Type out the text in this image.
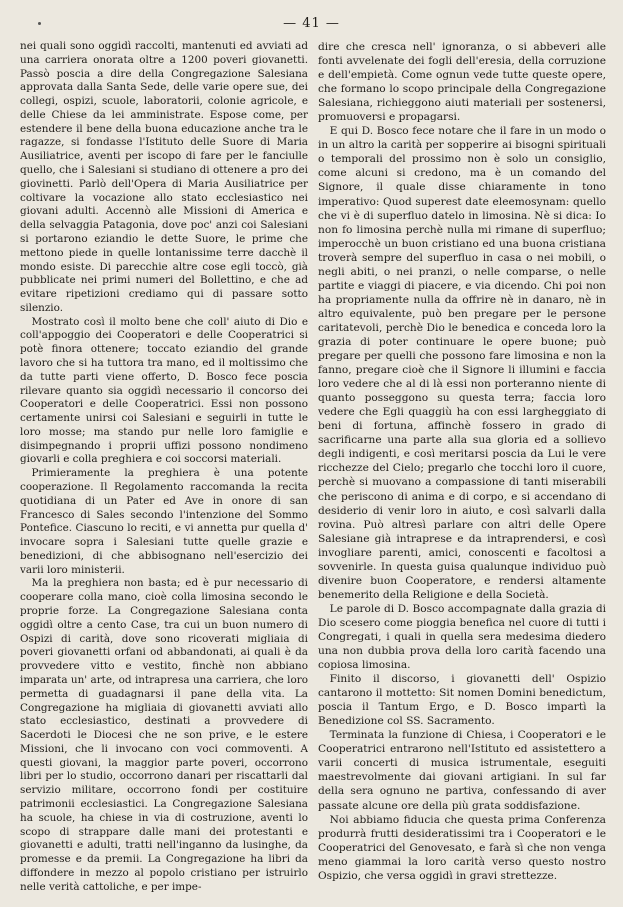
— 41 —

nei quali sono oggidì raccolti, mantenuti ed avviati ad una carriera onorata oltre a 1200 poveri giovanetti. Passò poscia a dire della Congregazione Salesiana approvata dalla Santa Sede, delle varie opere sue, dei collegi, ospizi, scuole, laboratorii, colonie agricole, e delle Chiese da lei amministrate. Espose come, per estendere il bene della buona educazione anche tra le ragazze, si fondasse l'Istituto delle Suore di Maria Ausiliatrice, aventi per iscopo di fare per le fanciulle quello, che i Salesiani si studiano di ottenere a pro dei giovinetti. Parlò dell'Opera di Maria Ausiliatrice per coltivare la vocazione allo stato ecclesiastico nei giovani adulti. Accennò alle Missioni di America e della selvaggia Patagonia, dove poc' anzi coi Salesiani si portarono eziandio le dette Suore, le prime che mettono piede in quelle lontanissime terre dacchè il mondo esiste. Di parecchie altre cose egli toccò, già pubblicate nei primi numeri del Bollettino, e che ad evitare ripetizioni crediamo qui di passare sotto silenzio.

Mostrato così il molto bene che coll' aiuto di Dio e coll'appoggio dei Cooperatori e delle Cooperatrici si potè finora ottenere; toccato eziandio del grande lavoro che si ha tuttora tra mano, ed il moltissimo che da tutte parti viene offerto, D. Bosco fece poscia rilevare quanto sia oggidì necessario il concorso dei Cooperatori e delle Cooperatrici. Essi non possono certamente unirsi coi Salesiani e seguirli in tutte le loro mosse; ma stando pur nelle loro famiglie e disimpegnando i proprii uffizi possono nondimeno giovarli e colla preghiera e coi soccorsi materiali.

Primieramente la preghiera è una potente cooperazione. Il Regolamento raccomanda la recita quotidiana di un Pater ed Ave in onore di san Francesco di Sales secondo l'intenzione del Sommo Pontefice. Ciascuno lo reciti, e vi annetta pur quella d' invocare sopra i Salesiani tutte quelle grazie e benedizioni, di che abbisognano nell'esercizio dei varii loro ministerii.

Ma la preghiera non basta; ed è pur necessario di cooperare colla mano, cioè colla limosina secondo le proprie forze. La Congregazione Salesiana conta oggidì oltre a cento Case, tra cui un buon numero di Ospizi di carità, dove sono ricoverati migliaia di poveri giovanetti orfani od abbandonati, ai quali è da provvedere vitto e vestito, finchè non abbiano imparata un' arte, od intrapresa una carriera, che loro permetta di guadagnarsi il pane della vita. La Congregazione ha migliaia di giovanetti avviati allo stato ecclesiastico, destinati a provvedere di Sacerdoti le Diocesi che ne son prive, e le estere Missioni, che li invocano con voci commoventi. A questi giovani, la maggior parte poveri, occorrono libri per lo studio, occorrono danari per riscattarli dal servizio militare, occorrono fondi per costituire patrimonii ecclesiastici. La Congregazione Salesiana ha scuole, ha chiese in via di costruzione, aventi lo scopo di strappare dalle mani dei protestanti e giovanetti e adulti, tratti nell'inganno da lusinghe, da promesse e da premii. La Congregazione ha libri da diffondere in mezzo al popolo cristiano per istruirlo nelle verità cattoliche, e per impe-

dire che cresca nell' ignoranza, o si abbeveri alle fonti avvelenate dei fogli dell'eresia, della corruzione e dell'empietà. Come ognun vede tutte queste opere, che formano lo scopo principale della Congregazione Salesiana, richieggono aiuti materiali per sostenersi, promuoversi e propagarsi.

E qui D. Bosco fece notare che il fare in un modo o in un altro la carità per sopperire ai bisogni spirituali o temporali del prossimo non è solo un consiglio, come alcuni si credono, ma è un comando del Signore, il quale disse chiaramente in tono imperativo: Quod superest date eleemosynam: quello che vi è di superfluo datelo in limosina. Nè si dica: Io non fo limosina perchè nulla mi rimane di superfluo; imperocchè un buon cristiano ed una buona cristiana troverà sempre del superfluo in casa o nei mobili, o negli abiti, o nei pranzi, o nelle comparse, o nelle partite e viaggi di piacere, e via dicendo. Chi poi non ha propriamente nulla da offrire nè in danaro, nè in altro equivalente, può ben pregare per le persone caritatevoli, perchè Dio le benedica e conceda loro la grazia di poter continuare le opere buone; può pregare per quelli che possono fare limosina e non la fanno, pregare cioè che il Signore li illumini e faccia loro vedere che al di là essi non porteranno niente di quanto posseggono su questa terra; faccia loro vedere che Egli quaggiù ha con essi largheggiato di beni di fortuna, affinchè fossero in grado di sacrificarne una parte alla sua gloria ed a sollievo degli indigenti, e così meritarsi poscia da Lui le vere ricchezze del Cielo; pregarlo che tocchi loro il cuore, perchè si muovano a compassione di tanti miserabili che periscono di anima e di corpo, e si accendano di desiderio di venir loro in aiuto, e così salvarli dalla rovina. Può altresì parlare con altri delle Opere Salesiane già intraprese e da intraprendersi, e così invogliare parenti, amici, conoscenti e facoltosi a sovvenirle. In questa guisa qualunque individuo può divenire buon Cooperatore, e rendersi altamente benemerito della Religione e della Società.

Le parole di D. Bosco accompagnate dalla grazia di Dio scesero come pioggia benefica nel cuore di tutti i Congregati, i quali in quella sera medesima diedero una non dubbia prova della loro carità facendo una copiosa limosina.

Finito il discorso, i giovanetti dell' Ospizio cantarono il mottetto: Sit nomen Domini benedictum, poscia il Tantum Ergo, e D. Bosco impartì la Benedizione col SS. Sacramento.

Terminata la funzione di Chiesa, i Cooperatori e le Cooperatrici entrarono nell'Istituto ed assistettero a varii concerti di musica istrumentale, eseguiti maestrevolmente dai giovani artigiani. In sul far della sera ognuno ne partiva, confessando di aver passate alcune ore della più grata soddisfazione.

Noi abbiamo fiducia che questa prima Conferenza produrrà frutti desideratissimi tra i Cooperatori e le Cooperatrici del Genovesato, e farà sì che non venga meno giammai la loro carità verso questo nostro Ospizio, che versa oggidì in gravi strettezze.
